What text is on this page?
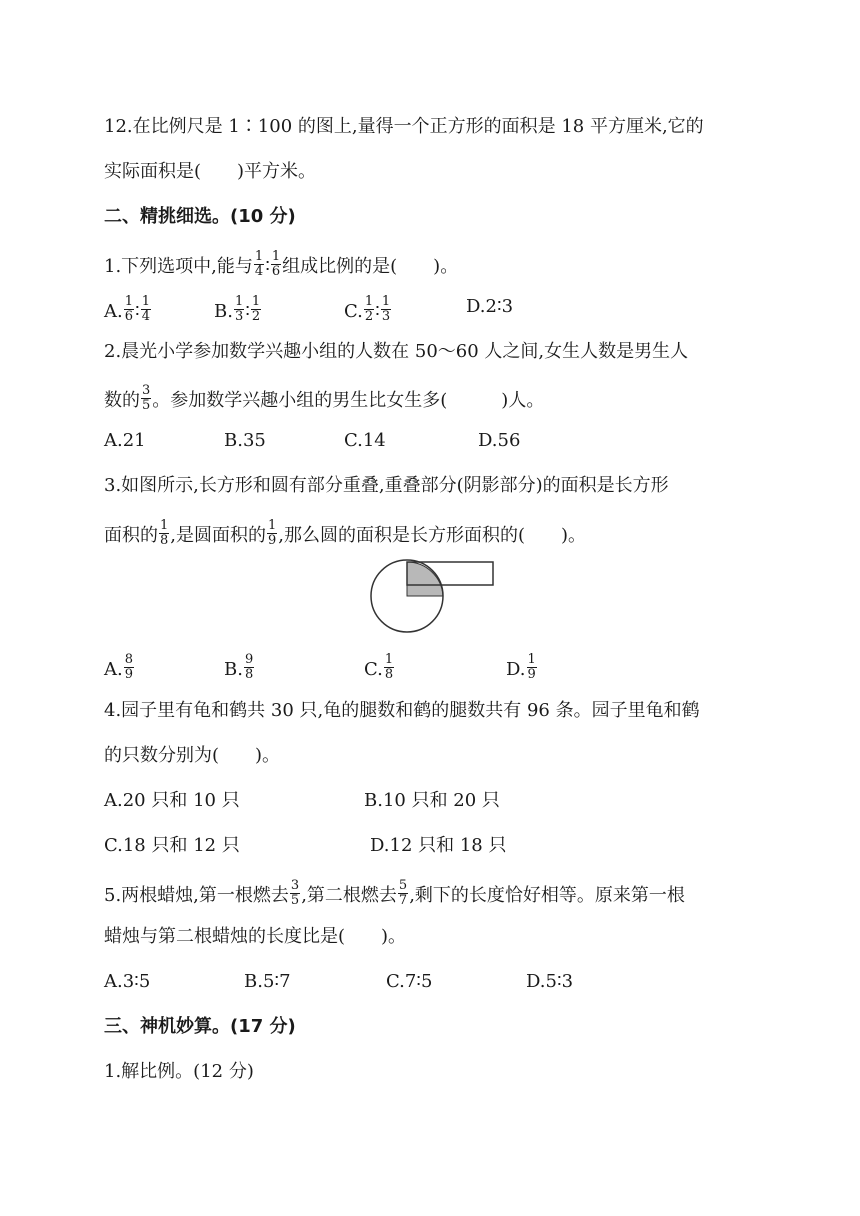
12.在比例尺是 1∶100 的图上,量得一个正方形的面积是 18 平方厘米,它的
实际面积是(　　)平方米。
二、精挑细选。(10 分)
1.下列选项中,能与 $\frac{1}{4}$ ∶ $\frac{1}{6}$ 组成比例的是(　　)。
A. $\frac{1}{6}$ ∶ $\frac{1}{4}$	B. $\frac{1}{3}$ ∶ $\frac{1}{2}$	C. $\frac{1}{2}$ ∶ $\frac{1}{3}$	D.2∶3
2.晨光小学参加数学兴趣小组的人数在 50～60 人之间,女生人数是男生人
数的 $\frac{3}{5}$ 。参加数学兴趣小组的男生比女生多(　　　)人。
A.21	B.35	C.14	D.56
3.如图所示,长方形和圆有部分重叠,重叠部分(阴影部分)的面积是长方形
面积的 $\frac{1}{8}$ ,是圆面积的 $\frac{1}{9}$ ,那么圆的面积是长方形面积的(　　)。
A. $\frac{8}{9}$	B. $\frac{9}{8}$	C. $\frac{1}{8}$	D. $\frac{1}{9}$
4.园子里有龟和鹤共 30 只,龟的腿数和鹤的腿数共有 96 条。园子里龟和鹤
的只数分别为(　　)。
A.20 只和 10 只	B.10 只和 20 只
C.18 只和 12 只	D.12 只和 18 只
5.两根蜡烛,第一根燃去 $\frac{3}{5}$ ,第二根燃去 $\frac{5}{7}$ ,剩下的长度恰好相等。原来第一根
蜡烛与第二根蜡烛的长度比是(　　)。
A.3∶5	B.5∶7	C.7∶5	D.5∶3
三、神机妙算。(17 分)
1.解比例。(12 分)
